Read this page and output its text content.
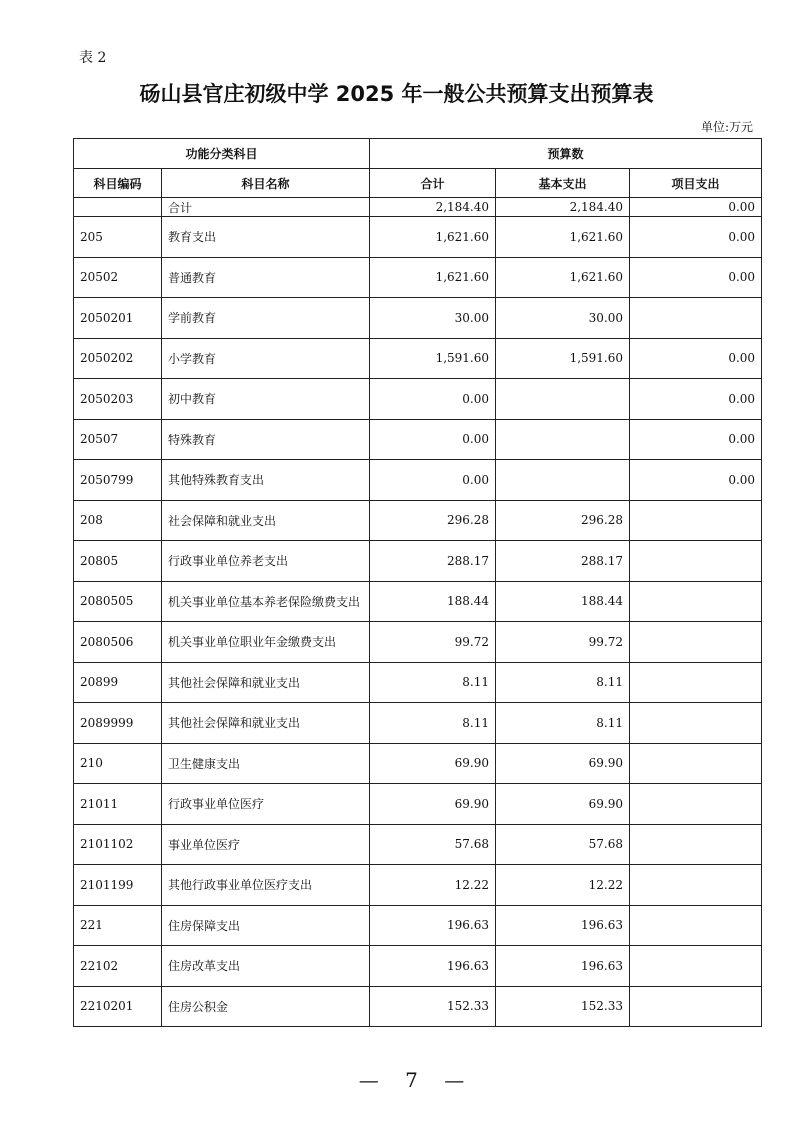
表 2
砀山县官庄初级中学 2025 年一般公共预算支出预算表
单位:万元
功能分类科目		预算数		
科目编码	科目名称	合计	基本支出	项目支出
	合计	2,184.40	2,184.40	0.00
205	教育支出	1,621.60	1,621.60	0.00
20502	普通教育	1,621.60	1,621.60	0.00
2050201	学前教育	30.00	30.00	
2050202	小学教育	1,591.60	1,591.60	0.00
2050203	初中教育	0.00		0.00
20507	特殊教育	0.00		0.00
2050799	其他特殊教育支出	0.00		0.00
208	社会保障和就业支出	296.28	296.28	
20805	行政事业单位养老支出	288.17	288.17	
2080505	机关事业单位基本养老保险缴费支出	188.44	188.44	
2080506	机关事业单位职业年金缴费支出	99.72	99.72	
20899	其他社会保障和就业支出	8.11	8.11	
2089999	其他社会保障和就业支出	8.11	8.11	
210	卫生健康支出	69.90	69.90	
21011	行政事业单位医疗	69.90	69.90	
2101102	事业单位医疗	57.68	57.68	
2101199	其他行政事业单位医疗支出	12.22	12.22	
221	住房保障支出	196.63	196.63	
22102	住房改革支出	196.63	196.63	
2210201	住房公积金	152.33	152.33	
— 7 —
